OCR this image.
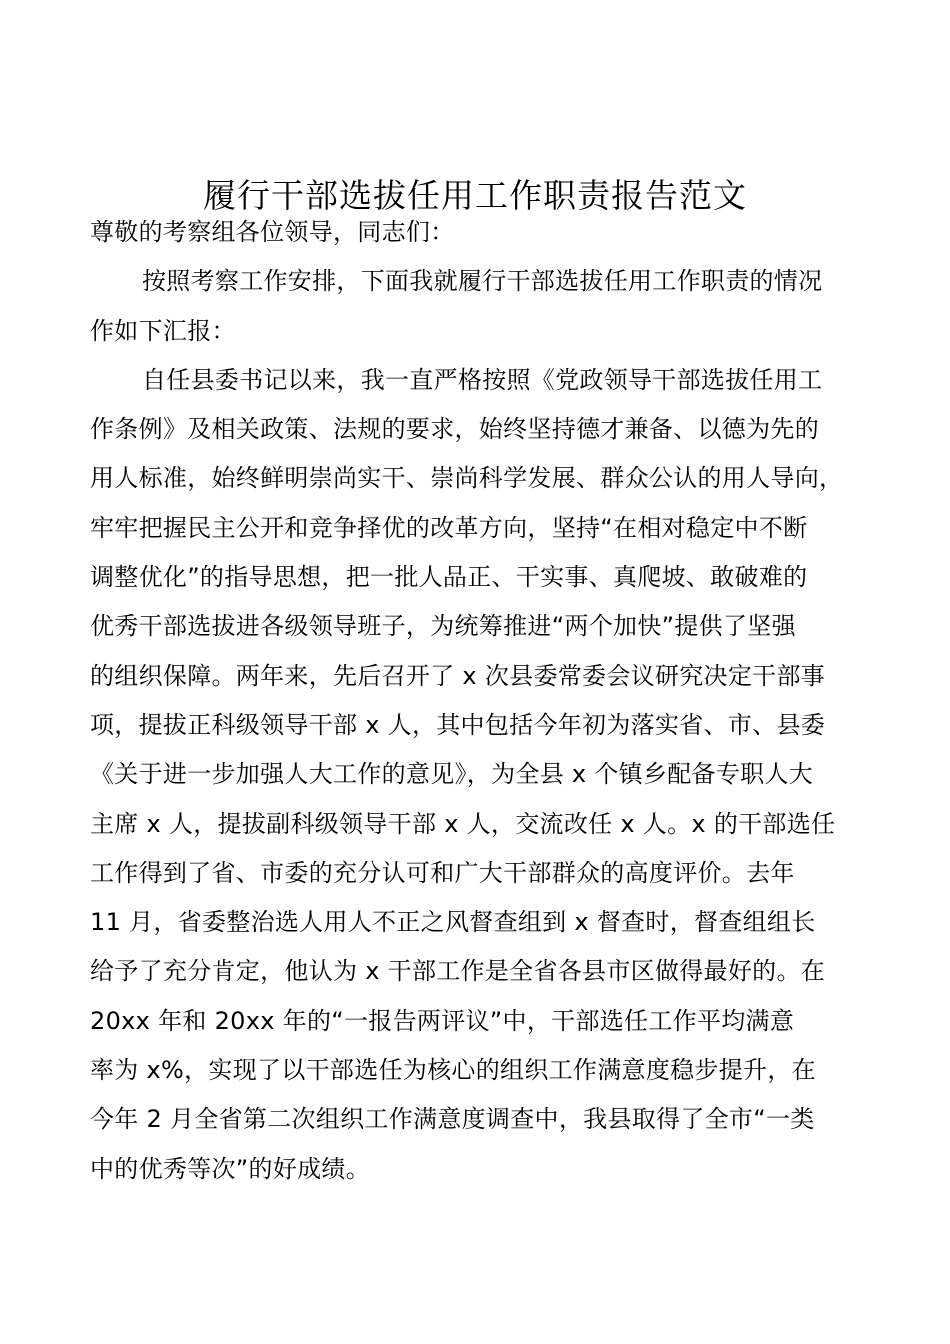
履行干部选拔任用工作职责报告范文
尊敬的考察组各位领导，同志们：
按照考察工作安排，下面我就履行干部选拔任用工作职责的情况
作如下汇报：
自任县委书记以来，我一直严格按照《党政领导干部选拔任用工
作条例》及相关政策、法规的要求，始终坚持德才兼备、以德为先的
用人标准，始终鲜明崇尚实干、崇尚科学发展、群众公认的用人导向，
牢牢把握民主公开和竞争择优的改革方向，坚持“在相对稳定中不断
调整优化”的指导思想，把一批人品正、干实事、真爬坡、敢破难的
优秀干部选拔进各级领导班子，为统筹推进“两个加快”提供了坚强
的组织保障。两年来，先后召开了 x 次县委常委会议研究决定干部事
项，提拔正科级领导干部 x 人，其中包括今年初为落实省、市、县委
《关于进一步加强人大工作的意见》，为全县 x 个镇乡配备专职人大
主席 x 人，提拔副科级领导干部 x 人，交流改任 x 人。x 的干部选任
工作得到了省、市委的充分认可和广大干部群众的高度评价。去年
11 月，省委整治选人用人不正之风督查组到 x 督查时，督查组组长
给予了充分肯定，他认为 x 干部工作是全省各县市区做得最好的。在
20xx 年和 20xx 年的“一报告两评议”中，干部选任工作平均满意
率为 x%，实现了以干部选任为核心的组织工作满意度稳步提升，在
今年 2 月全省第二次组织工作满意度调查中，我县取得了全市“一类
中的优秀等次”的好成绩。
